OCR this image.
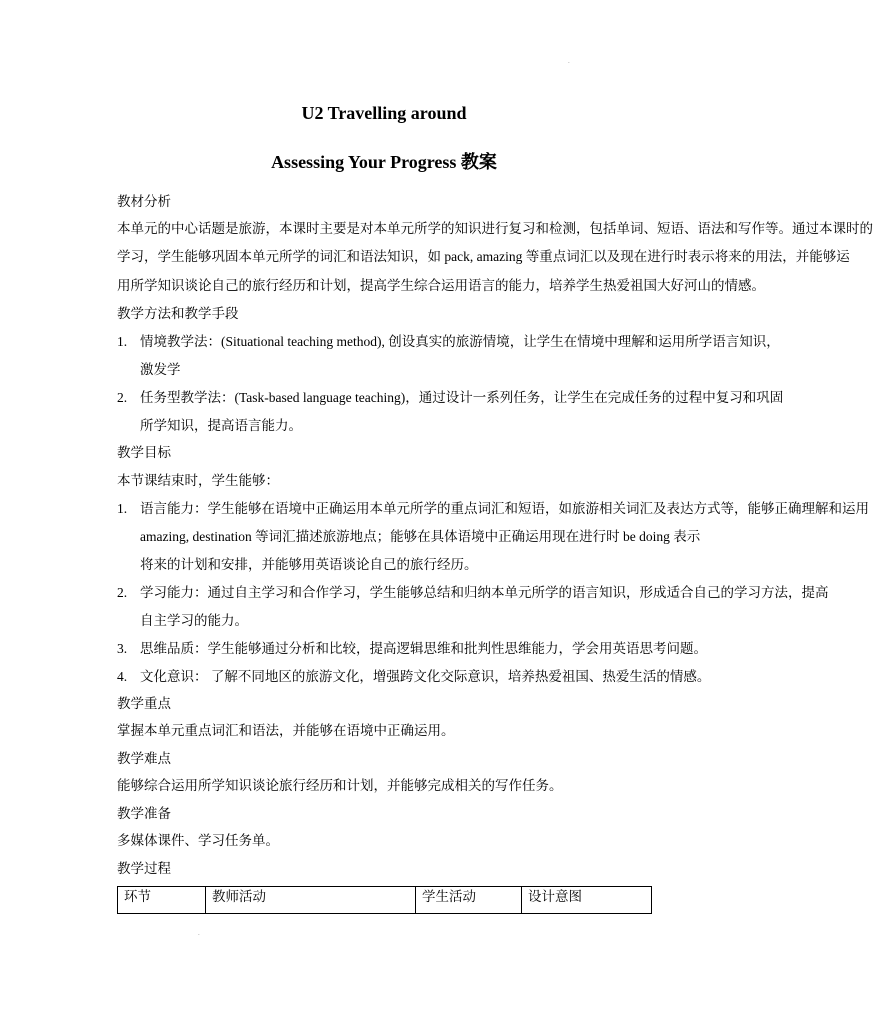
.
U2 Travelling around
Assessing Your Progress 教案
教材分析
本单元的中心话题是旅游，本课时主要是对本单元所学的知识进行复习和检测，包括单词、短语、语法和写作等。通过本课时的
学习，学生能够巩固本单元所学的词汇和语法知识，如 pack, amazing 等重点词汇以及现在进行时表示将来的用法，并能够运
用所学知识谈论自己的旅行经历和计划，提高学生综合运用语言的能力，培养学生热爱祖国大好河山的情感。
教学方法和教学手段
1. 情境教学法：(Situational teaching method), 创设真实的旅游情境，让学生在情境中理解和运用所学语言知识，
激发学
2. 任务型教学法：(Task-based language teaching)，通过设计一系列任务，让学生在完成任务的过程中复习和巩固
所学知识，提高语言能力。
教学目标
本节课结束时，学生能够：
1. 语言能力：学生能够在语境中正确运用本单元所学的重点词汇和短语，如旅游相关词汇及表达方式等，能够正确理解和运用
amazing, destination 等词汇描述旅游地点；能够在具体语境中正确运用现在进行时 be doing 表示
将来的计划和安排，并能够用英语谈论自己的旅行经历。
2. 学习能力：通过自主学习和合作学习，学生能够总结和归纳本单元所学的语言知识，形成适合自己的学习方法，提高
自主学习的能力。
3. 思维品质：学生能够通过分析和比较，提高逻辑思维和批判性思维能力，学会用英语思考问题。
4. 文化意识： 了解不同地区的旅游文化，增强跨文化交际意识，培养热爱祖国、热爱生活的情感。
教学重点
掌握本单元重点词汇和语法，并能够在语境中正确运用。
教学难点
能够综合运用所学知识谈论旅行经历和计划，并能够完成相关的写作任务。
教学准备
多媒体课件、学习任务单。
教学过程
环节	教师活动	学生活动	设计意图
.
